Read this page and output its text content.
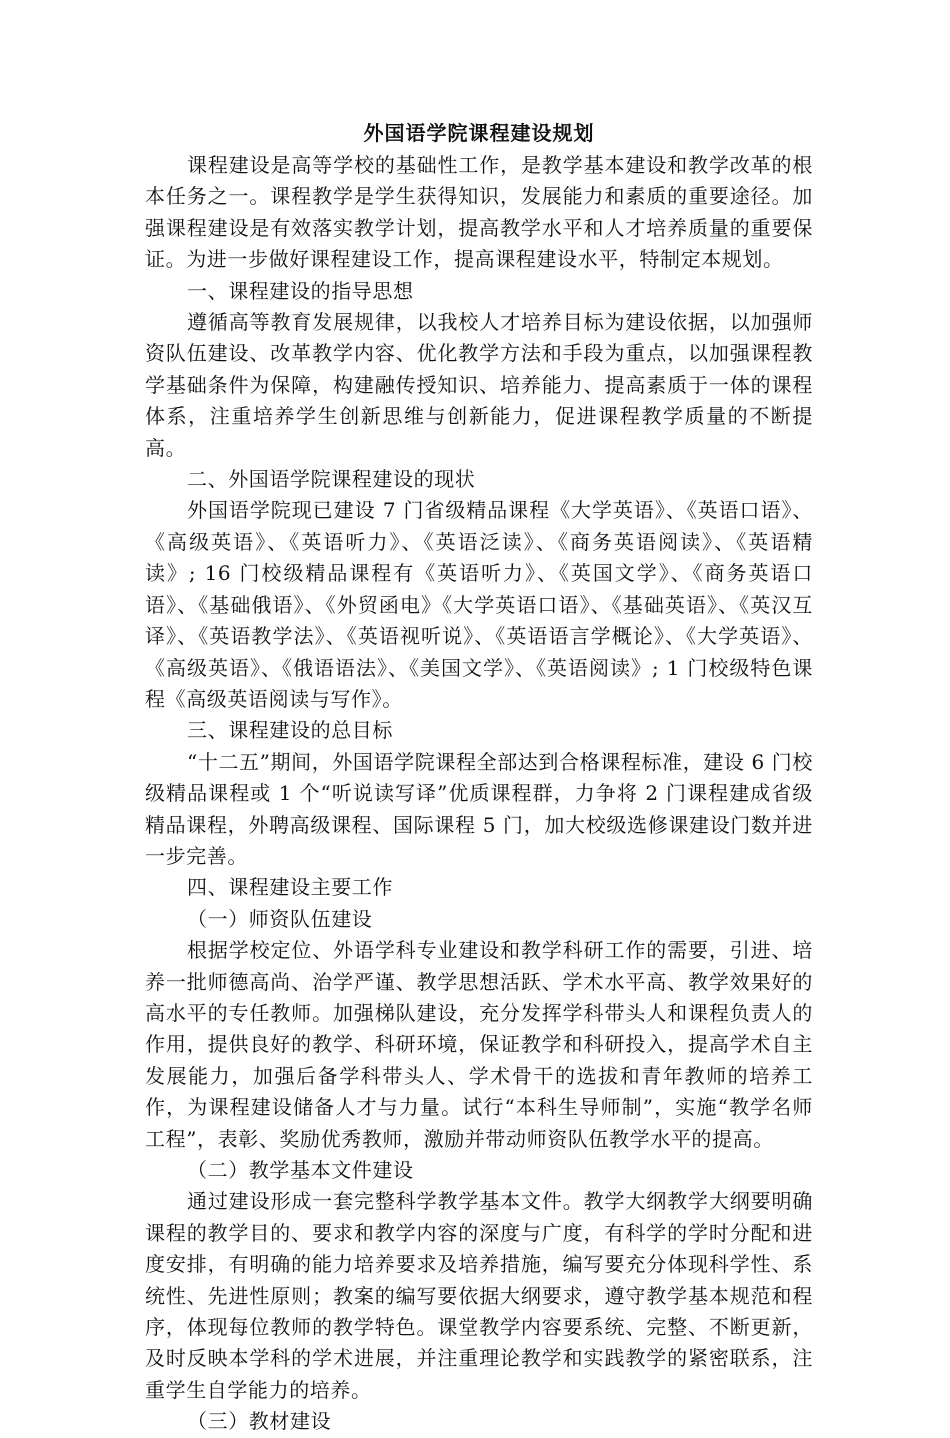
外国语学院课程建设规划

课程建设是高等学校的基础性工作，是教学基本建设和教学改革的根本任务之一。课程教学是学生获得知识，发展能力和素质的重要途径。加强课程建设是有效落实教学计划，提高教学水平和人才培养质量的重要保证。为进一步做好课程建设工作，提高课程建设水平，特制定本规划。

一、课程建设的指导思想

遵循高等教育发展规律，以我校人才培养目标为建设依据，以加强师资队伍建设、改革教学内容、优化教学方法和手段为重点，以加强课程教学基础条件为保障，构建融传授知识、培养能力、提高素质于一体的课程体系，注重培养学生创新思维与创新能力，促进课程教学质量的不断提高。

二、外国语学院课程建设的现状

外国语学院现已建设 7 门省级精品课程《大学英语》、《英语口语》、《高级英语》、《英语听力》、《英语泛读》、《商务英语阅读》、《英语精读》; 16 门校级精品课程有《英语听力》、《英国文学》、《商务英语口语》、《基础俄语》、《外贸函电》《大学英语口语》、《基础英语》、《英汉互译》、《英语教学法》、《英语视听说》、《英语语言学概论》、《大学英语》、《高级英语》、《俄语语法》、《美国文学》、《英语阅读》; 1 门校级特色课程《高级英语阅读与写作》。

三、课程建设的总目标

“十二五”期间，外国语学院课程全部达到合格课程标准，建设 6 门校级精品课程或 1 个“听说读写译”优质课程群，力争将 2 门课程建成省级精品课程，外聘高级课程、国际课程 5 门，加大校级选修课建设门数并进一步完善。

四、课程建设主要工作

（一）师资队伍建设

根据学校定位、外语学科专业建设和教学科研工作的需要，引进、培养一批师德高尚、治学严谨、教学思想活跃、学术水平高、教学效果好的高水平的专任教师。加强梯队建设，充分发挥学科带头人和课程负责人的作用，提供良好的教学、科研环境，保证教学和科研投入，提高学术自主发展能力，加强后备学科带头人、学术骨干的选拔和青年教师的培养工作，为课程建设储备人才与力量。试行“本科生导师制”，实施“教学名师工程”，表彰、奖励优秀教师，激励并带动师资队伍教学水平的提高。

（二）教学基本文件建设

通过建设形成一套完整科学教学基本文件。教学大纲教学大纲要明确课程的教学目的、要求和教学内容的深度与广度，有科学的学时分配和进度安排，有明确的能力培养要求及培养措施，编写要充分体现科学性、系统性、先进性原则；教案的编写要依据大纲要求，遵守教学基本规范和程序，体现每位教师的教学特色。课堂教学内容要系统、完整、不断更新，及时反映本学科的学术进展，并注重理论教学和实践教学的紧密联系，注重学生自学能力的培养。

（三）教材建设
